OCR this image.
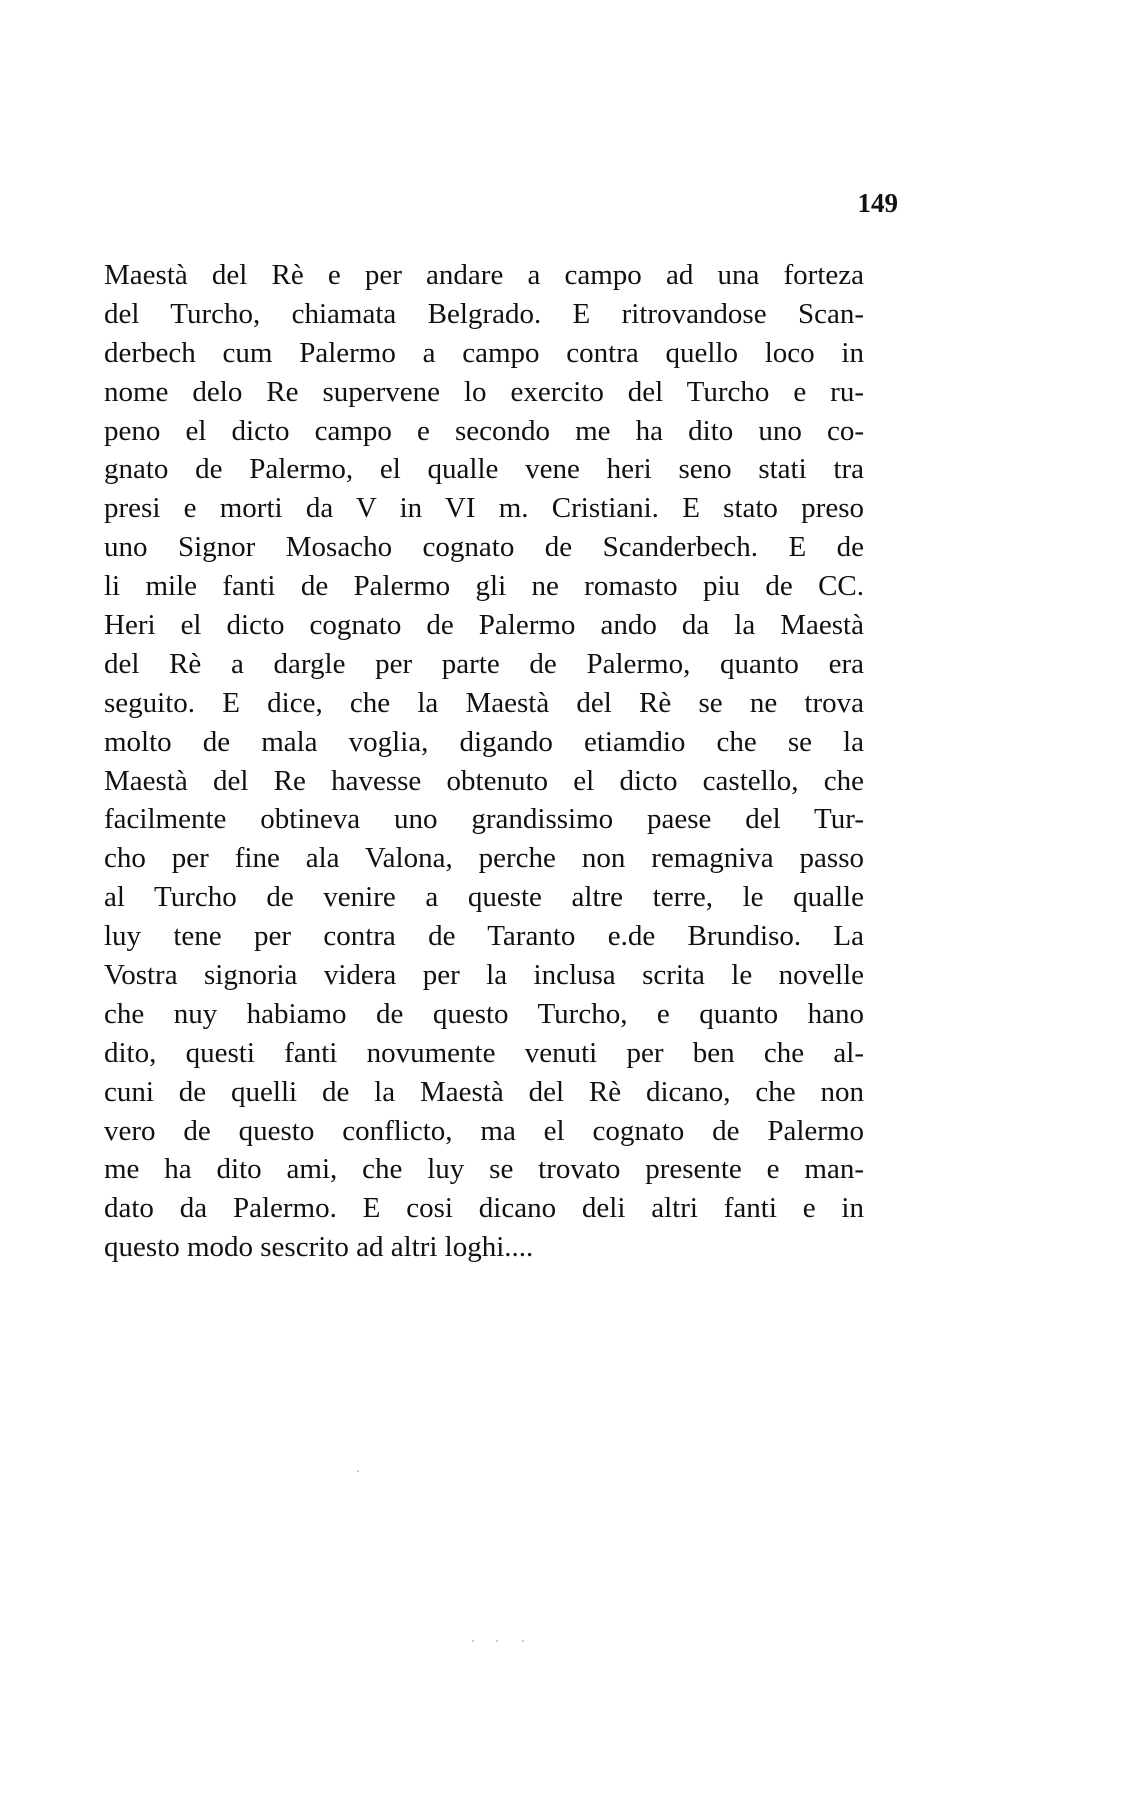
149
Maestà del Rè e per andare a campo ad una forteza
del Turcho, chiamata Belgrado. E ritrovandose Scan-
derbech cum Palermo a campo contra quello loco in
nome delo Re supervene lo exercito del Turcho e ru-
peno el dicto campo e secondo me ha dito uno co-
gnato de Palermo, el qualle vene heri seno stati tra
presi e morti da V in VI m. Cristiani. E stato preso
uno Signor Mosacho cognato de Scanderbech. E de
li mile fanti de Palermo gli ne romasto piu de CC.
Heri el dicto cognato de Palermo ando da la Maestà
del Rè a dargle per parte de Palermo, quanto era
seguito. E dice, che la Maestà del Rè se ne trova
molto de mala voglia, digando etiamdio che se la
Maestà del Re havesse obtenuto el dicto castello, che
facilmente obtineva uno grandissimo paese del Tur-
cho per fine ala Valona, perche non remagniva passo
al Turcho de venire a queste altre terre, le qualle
luy tene per contra de Taranto e.de Brundiso. La
Vostra signoria videra per la inclusa scrita le novelle
che nuy habiamo de questo Turcho, e quanto hano
dito, questi fanti novumente venuti per ben che al-
cuni de quelli de la Maestà del Rè dicano, che non
vero de questo conflicto, ma el cognato de Palermo
me ha dito ami, che luy se trovato presente e man-
dato da Palermo. E cosi dicano deli altri fanti e in
questo modo sescrito ad altri loghi....
